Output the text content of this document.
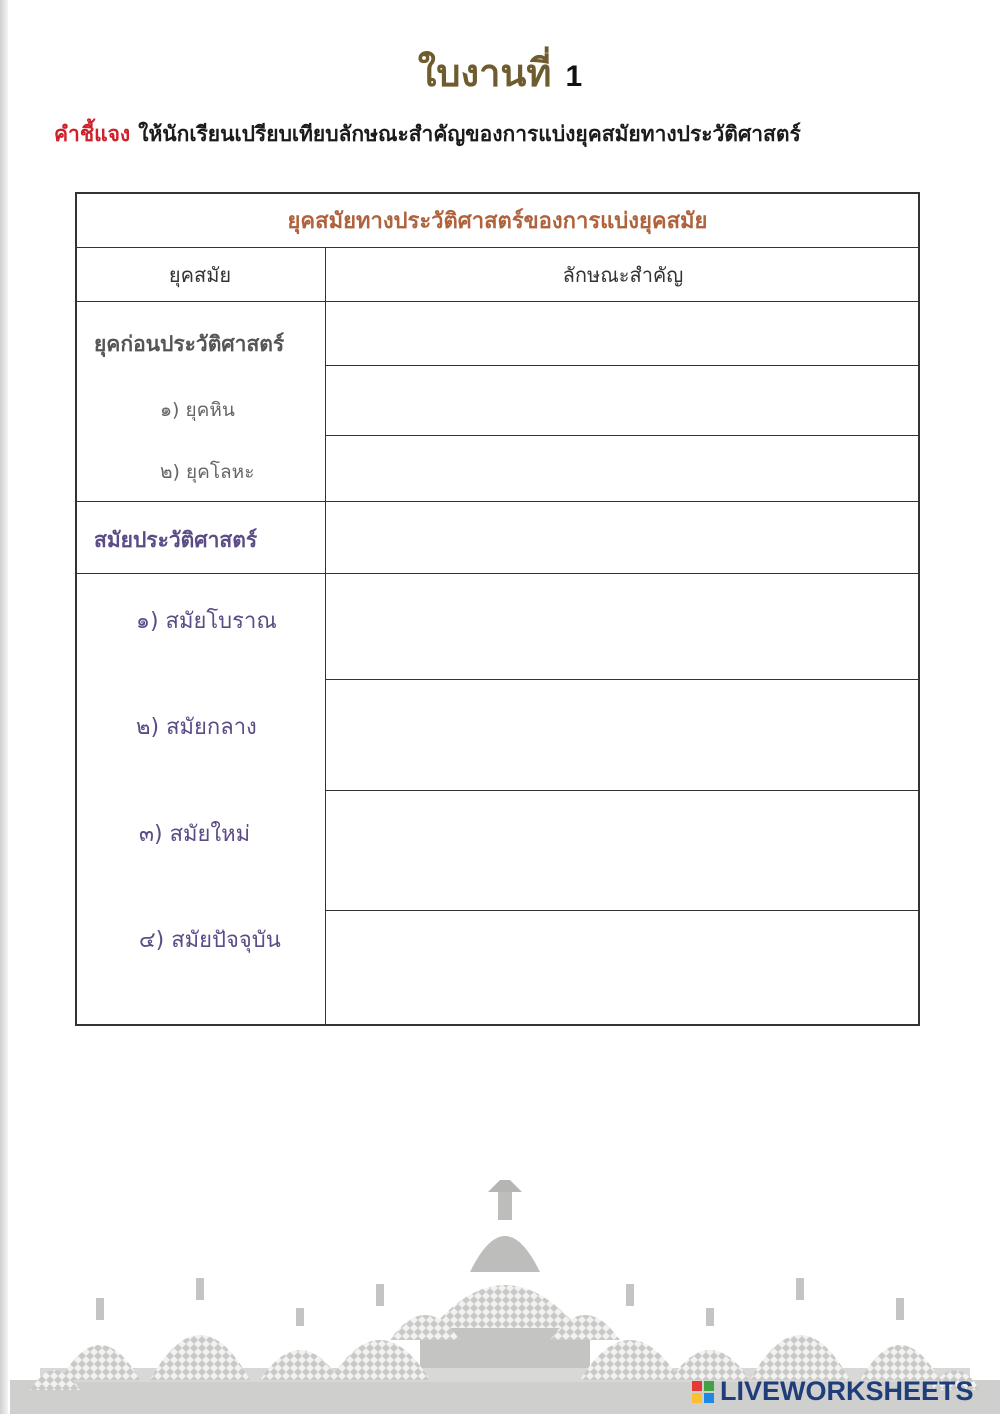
ใบงานที่ 1
คำชี้แจง ให้นักเรียนเปรียบเทียบลักษณะสำคัญของการแบ่งยุคสมัยทางประวัติศาสตร์
ยุคสมัยทางประวัติศาสตร์ของการแบ่งยุคสมัย
ยุคสมัย	ลักษณะสำคัญ
ยุคก่อนประวัติศาสตร์
๑) ยุคหิน
๒) ยุคโลหะ
สมัยประวัติศาสตร์
๑) สมัยโบราณ
๒) สมัยกลาง
๓) สมัยใหม่
๔) สมัยปัจจุบัน
LIVEWORKSHEETS
